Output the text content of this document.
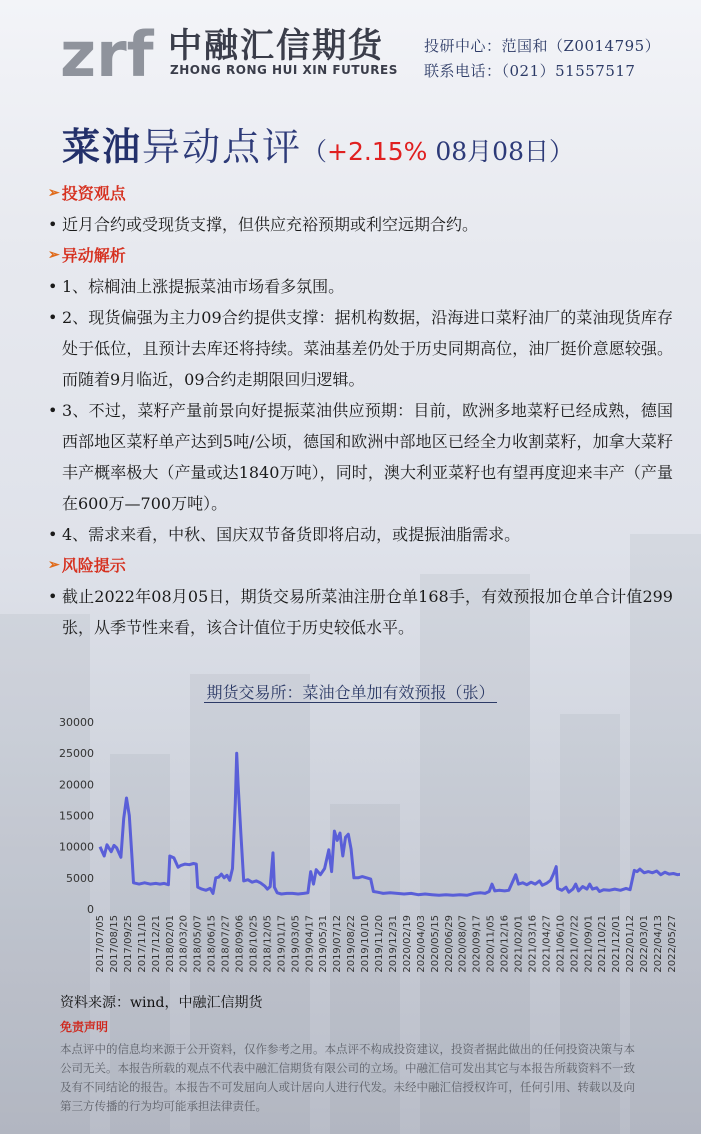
zrf 中融汇信期货
ZHONG RONG HUI XIN FUTURES
投研中心：范国和（Z0014795）
联系电话：（021）51557517
菜油异动点评（+2.15% 08月08日）
➢ 投资观点
• 近月合约或受现货支撑，但供应充裕预期或利空远期合约。
➢ 异动解析
• 1、棕榈油上涨提振菜油市场看多氛围。
• 2、现货偏强为主力09合约提供支撑：据机构数据，沿海进口菜籽油厂的菜油现货库存处于低位，且预计去库还将持续。菜油基差仍处于历史同期高位，油厂挺价意愿较强。而随着9月临近，09合约走期限回归逻辑。
• 3、不过，菜籽产量前景向好提振菜油供应预期：目前，欧洲多地菜籽已经成熟，德国西部地区菜籽单产达到5吨/公顷，德国和欧洲中部地区已经全力收割菜籽，加拿大菜籽丰产概率极大（产量或达1840万吨），同时，澳大利亚菜籽也有望再度迎来丰产（产量在600万—700万吨）。
• 4、需求来看，中秋、国庆双节备货即将启动，或提振油脂需求。
➢ 风险提示
• 截止2022年08月05日，期货交易所菜油注册仓单168手，有效预报加仓单合计值299张，从季节性来看，该合计值位于历史较低水平。
期货交易所：菜油仓单加有效预报（张）
0
5000
10000
15000
20000
25000
30000
2017/07/05 2017/08/15 2017/09/25 2017/11/10 2017/12/21 2018/02/01 2018/03/20 2018/05/07 2018/06/15 2018/07/27 2018/09/06 2018/10/25 2018/12/05 2019/01/17 2019/03/05 2019/04/17 2019/05/31 2019/07/12 2019/08/22 2019/10/10 2019/11/20 2019/12/31 2020/02/19 2020/04/03 2020/05/15 2020/06/29 2020/08/07 2020/09/17 2020/11/05 2020/12/16 2021/02/01 2021/03/16 2021/04/27 2021/06/10 2021/07/22 2021/09/01 2021/10/21 2021/12/01 2022/01/12 2022/03/01 2022/04/13 2022/05/27
资料来源：wind，中融汇信期货
免责声明
本点评中的信息均来源于公开资料，仅作参考之用。本点评不构成投资建议，投资者据此做出的任何投资决策与本公司无关。本报告所载的观点不代表中融汇信期货有限公司的立场。中融汇信可发出其它与本报告所载资料不一致及有不同结论的报告。本报告不可发屈向人或计居向人进行代发。未经中融汇信授权许可，任何引用、转载以及向第三方传播的行为均可能承担法律责任。
